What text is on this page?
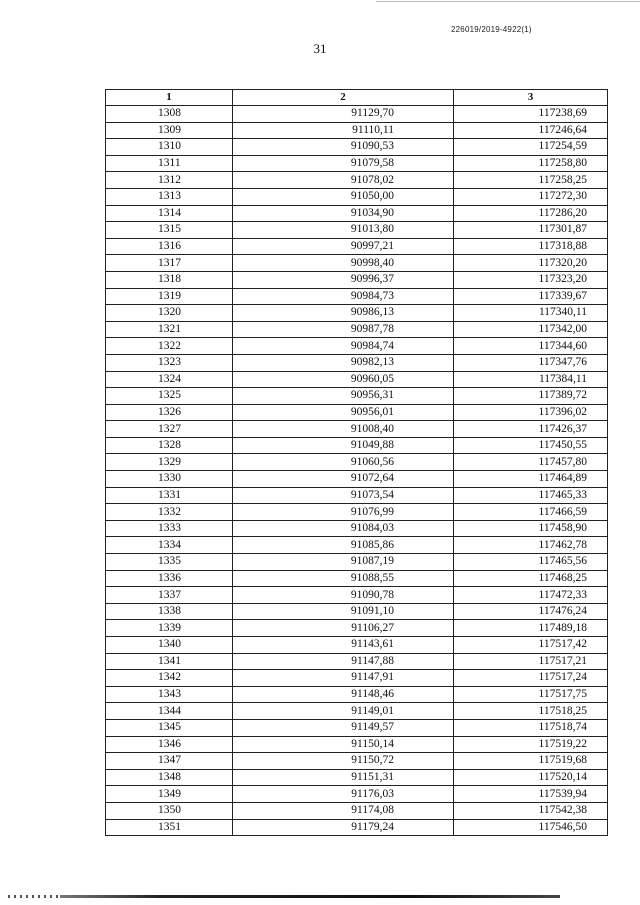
226019/2019-4922(1)
31
1	2	3
1308	91129,70	117238,69
1309	91110,11	117246,64
1310	91090,53	117254,59
1311	91079,58	117258,80
1312	91078,02	117258,25
1313	91050,00	117272,30
1314	91034,90	117286,20
1315	91013,80	117301,87
1316	90997,21	117318,88
1317	90998,40	117320,20
1318	90996,37	117323,20
1319	90984,73	117339,67
1320	90986,13	117340,11
1321	90987,78	117342,00
1322	90984,74	117344,60
1323	90982,13	117347,76
1324	90960,05	117384,11
1325	90956,31	117389,72
1326	90956,01	117396,02
1327	91008,40	117426,37
1328	91049,88	117450,55
1329	91060,56	117457,80
1330	91072,64	117464,89
1331	91073,54	117465,33
1332	91076,99	117466,59
1333	91084,03	117458,90
1334	91085,86	117462,78
1335	91087,19	117465,56
1336	91088,55	117468,25
1337	91090,78	117472,33
1338	91091,10	117476,24
1339	91106,27	117489,18
1340	91143,61	117517,42
1341	91147,88	117517,21
1342	91147,91	117517,24
1343	91148,46	117517,75
1344	91149,01	117518,25
1345	91149,57	117518,74
1346	91150,14	117519,22
1347	91150,72	117519,68
1348	91151,31	117520,14
1349	91176,03	117539,94
1350	91174,08	117542,38
1351	91179,24	117546,50
